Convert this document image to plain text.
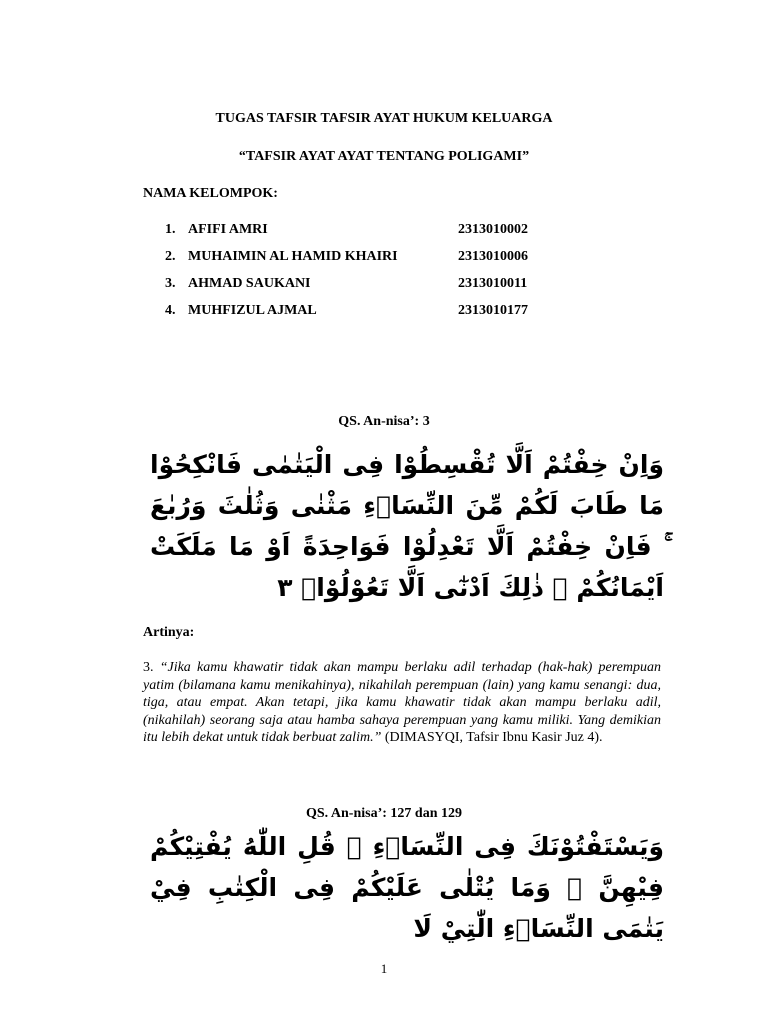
TUGAS TAFSIR TAFSIR AYAT HUKUM KELUARGA
“TAFSIR AYAT AYAT TENTANG POLIGAMI”
NAMA KELOMPOK:
1. AFIFI AMRI	2313010002
2. MUHAIMIN AL HAMID KHAIRI	2313010006
3. AHMAD SAUKANI	2313010011
4. MUHFIZUL AJMAL	2313010177
QS. An-nisa’: 3
وَاِنْ خِفْتُمْ اَلَّا تُقْسِطُوْا فِى الْيَتٰمٰى فَانْكِحُوْا مَا طَابَ لَكُمْ مِّنَ النِّسَاۤءِ مَثْنٰى وَثُلٰثَ وَرُبٰعَ ۚ فَاِنْ خِفْتُمْ اَلَّا تَعْدِلُوْا فَوَاحِدَةً اَوْ مَا مَلَكَتْ اَيْمَانُكُمْ ۗ ذٰلِكَ اَدْنٰٓى اَلَّا تَعُوْلُوْاۗ ٣
Artinya:
3. “Jika kamu khawatir tidak akan mampu berlaku adil terhadap (hak-hak) perempuan yatim (bilamana kamu menikahinya), nikahilah perempuan (lain) yang kamu senangi: dua, tiga, atau empat. Akan tetapi, jika kamu khawatir tidak akan mampu berlaku adil, (nikahilah) seorang saja atau hamba sahaya perempuan yang kamu miliki. Yang demikian itu lebih dekat untuk tidak berbuat zalim.” (DIMASYQI, Tafsir Ibnu Kasir Juz 4).
QS. An-nisa’: 127 dan 129
وَيَسْتَفْتُوْنَكَ فِى النِّسَاۤءِ ۗ قُلِ اللّٰهُ يُفْتِيْكُمْ فِيْهِنَّ ۙ وَمَا يُتْلٰى عَلَيْكُمْ فِى الْكِتٰبِ فِيْ يَتٰمَى النِّسَاۤءِ الّٰتِيْ لَا
1
